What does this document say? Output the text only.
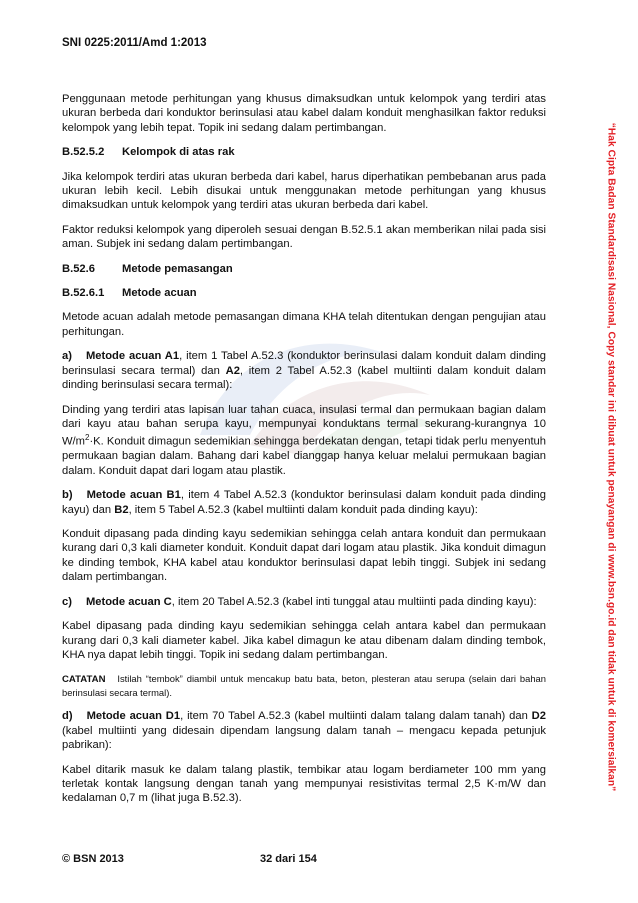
SNI 0225:2011/Amd 1:2013
“Hak Cipta Badan Standardisasi Nasional, Copy standar ini dibuat untuk penayangan di www.bsn.go.id dan tidak untuk di komersialkan”

Penggunaan metode perhitungan yang khusus dimaksudkan untuk kelompok yang terdiri atas ukuran berbeda dari konduktor berinsulasi atau kabel dalam konduit menghasilkan faktor reduksi kelompok yang lebih tepat. Topik ini sedang dalam pertimbangan.

B.52.5.2 Kelompok di atas rak

Jika kelompok terdiri atas ukuran berbeda dari kabel, harus diperhatikan pembebanan arus pada ukuran lebih kecil. Lebih disukai untuk menggunakan metode perhitungan yang khusus dimaksudkan untuk kelompok yang terdiri atas ukuran berbeda dari kabel.

Faktor reduksi kelompok yang diperoleh sesuai dengan B.52.5.1 akan memberikan nilai pada sisi aman. Subjek ini sedang dalam pertimbangan.

B.52.6 Metode pemasangan
B.52.6.1 Metode acuan

Metode acuan adalah metode pemasangan dimana KHA telah ditentukan dengan pengujian atau perhitungan.

a) Metode acuan A1, item 1 Tabel A.52.3 (konduktor berinsulasi dalam konduit dalam dinding berinsulasi secara termal) dan A2, item 2 Tabel A.52.3 (kabel multiinti dalam konduit dalam dinding berinsulasi secara termal):

Dinding yang terdiri atas lapisan luar tahan cuaca, insulasi termal dan permukaan bagian dalam dari kayu atau bahan serupa kayu, mempunyai konduktans termal sekurang-kurangnya 10 $W/m^2\cdot K$. Konduit dimagun sedemikian sehingga berdekatan dengan, tetapi tidak perlu menyentuh permukaan bagian dalam. Bahang dari kabel dianggap hanya keluar melalui permukaan bagian dalam. Konduit dapat dari logam atau plastik.

b) Metode acuan B1, item 4 Tabel A.52.3 (konduktor berinsulasi dalam konduit pada dinding kayu) dan B2, item 5 Tabel A.52.3 (kabel multiinti dalam konduit pada dinding kayu):

Konduit dipasang pada dinding kayu sedemikian sehingga celah antara konduit dan permukaan kurang dari 0,3 kali diameter konduit. Konduit dapat dari logam atau plastik. Jika konduit dimagun ke dinding tembok, KHA kabel atau konduktor berinsulasi dapat lebih tinggi. Subjek ini sedang dalam pertimbangan.

c) Metode acuan C, item 20 Tabel A.52.3 (kabel inti tunggal atau multiinti pada dinding kayu):

Kabel dipasang pada dinding kayu sedemikian sehingga celah antara kabel dan permukaan kurang dari 0,3 kali diameter kabel. Jika kabel dimagun ke atau dibenam dalam dinding tembok, KHA nya dapat lebih tinggi. Topik ini sedang dalam pertimbangan.

CATATAN Istilah “tembok” diambil untuk mencakup batu bata, beton, plesteran atau serupa (selain dari bahan berinsulasi secara termal).

d) Metode acuan D1, item 70 Tabel A.52.3 (kabel multiinti dalam talang dalam tanah) dan D2 (kabel multiinti yang didesain dipendam langsung dalam tanah – mengacu kepada petunjuk pabrikan):

Kabel ditarik masuk ke dalam talang plastik, tembikar atau logam berdiameter 100 mm yang terletak kontak langsung dengan tanah yang mempunyai resistivitas termal 2,5 K·m/W dan kedalaman 0,7 m (lihat juga B.52.3).

© BSN 2013	32 dari 154
